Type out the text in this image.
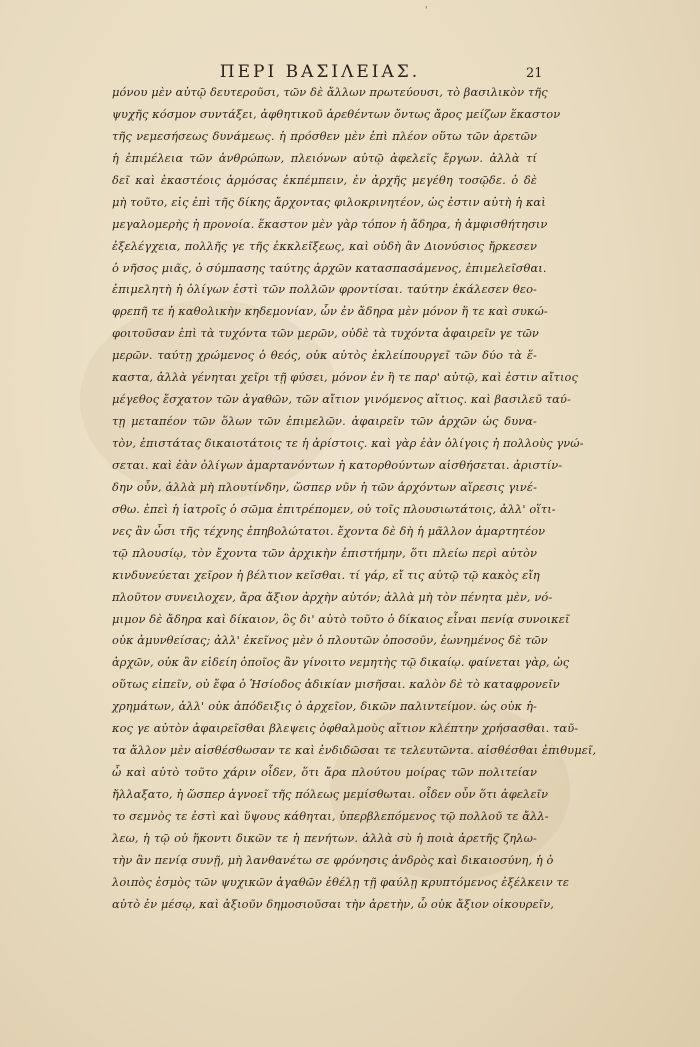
'
ΠΕΡΙ ΒΑΣΙΛΕΙΑΣ.	21
μόνου μὲν αὐτῷ δευτεροῦσι, τῶν δὲ ἄλλων πρωτεύουσι, τὸ βασιλικὸν τῆς
ψυχῆς κόσμον συντάξει, ἀφθητικοῦ ἀρεθέντων ὄντως ἄρος μείζων ἕκαστον
τῆς νεμεσήσεως δυνάμεως. ἡ πρόσθεν μὲν ἐπὶ πλέον οὕτω τῶν ἀρετῶν
ἡ ἐπιμέλεια τῶν ἀνθρώπων, πλειόνων αὐτῷ ἀφελεῖς ἔργων. ἀλλὰ τί
δεῖ καὶ ἑκαστέοις ἁρμόσας ἐκπέμπειν, ἐν ἀρχῆς μεγέθη τοσῷδε. ὁ δὲ
μὴ τοῦτο, εἰς ἐπὶ τῆς δίκης ἄρχοντας φιλοκρινητέον, ὡς ἐστιν αὐτὴ ἡ καὶ
μεγαλομερὴς ἡ προνοία. ἕκαστον μὲν γὰρ τόπον ἡ ἄδηρα, ἡ ἀμφισθήτησιν
ἐξελέγχεια, πολλῆς γε τῆς ἐκκλεῖξεως, καὶ οὐδὴ ἂν Διονύσιος ἤρκεσεν
ὁ νῆσος μιᾶς, ὁ σύμπασης ταύτης ἀρχῶν κατασπασάμενος, ἐπιμελεῖσθαι.
ἐπιμελητὴ ἡ ὀλίγων ἐστὶ τῶν πολλῶν φροντίσαι. ταύτην ἐκάλεσεν θεο-
φρεπῆ τε ἡ καθολικὴν κηδεμονίαν, ὧν ἐν ἄδηρα μὲν μόνον ἥ τε καὶ συκώ-
φοιτοῦσαν ἐπὶ τὰ τυχόντα τῶν μερῶν, οὐδὲ τὰ τυχόντα ἀφαιρεῖν γε τῶν
μερῶν. ταύτῃ χρώμενος ὁ θεός, οὐκ αὐτὸς ἐκλείπουργεῖ τῶν δύο τὰ ἕ-
καστα, ἀλλὰ γένηται χεῖρι τῇ φύσει, μόνον ἐν ἣ τε παρ' αὐτῷ, καὶ ἐστιν αἴτιος
μέγεθος ἔσχατον τῶν ἀγαθῶν, τῶν αἴτιον γινόμενος αἴτιος. καὶ βασιλεῦ ταύ-
τῃ μεταπέον τῶν ὅλων τῶν ἐπιμελῶν. ἀφαιρεῖν τῶν ἀρχῶν ὡς δυνα-
τὸν, ἐπιστάτας δικαιοτάτοις τε ἡ ἀρίστοις. καὶ γὰρ ἐὰν ὀλίγοις ἡ πολλοὺς γνώ-
σεται. καὶ ἐὰν ὀλίγων ἀμαρτανόντων ἡ κατορθούντων αἰσθήσεται. ἀριστίν-
δην οὖν, ἀλλὰ μὴ πλουτίνδην, ὥσπερ νῦν ἡ τῶν ἀρχόντων αἵρεσις γινέ-
σθω. ἐπεὶ ἡ ἰατροῖς ὁ σῶμα ἐπιτρέπομεν, οὐ τοῖς πλουσιωτάτοις, ἀλλ' οἵτι-
νες ἂν ὦσι τῆς τέχνης ἐπηβολώτατοι. ἔχοντα δὲ δὴ ἡ μᾶλλον ἀμαρτητέον
τῷ πλουσίῳ, τὸν ἔχοντα τῶν ἀρχικὴν ἐπιστήμην, ὅτι πλείω περὶ αὐτὸν
κινδυνεύεται χεῖρον ἡ βέλτιον κεῖσθαι. τί γάρ, εἴ τις αὐτῷ τῷ κακὸς εἴη
πλοῦτον συνειλοχεν, ἄρα ἄξιον ἀρχὴν αὐτόν; ἀλλὰ μὴ τὸν πένητα μὲν, νό-
μιμον δὲ ἄδηρα καὶ δίκαιον, ὃς δι' αὐτὸ τοῦτο ὁ δίκαιος εἶναι πενίᾳ συνοικεῖ
οὐκ ἀμυνθείσας; ἀλλ' ἐκεῖνος μὲν ὁ πλουτῶν ὁποσοῦν, ἐωνημένος δὲ τῶν
ἀρχῶν, οὐκ ἂν εἰδείη ὁποῖος ἂν γίνοιτο νεμητὴς τῷ δικαίῳ. φαίνεται γὰρ, ὡς
οὕτως εἰπεῖν, οὐ ἔφα ὁ Ἡσίοδος ἀδικίαν μισῆσαι. καλὸν δὲ τὸ καταφρονεῖν
χρημάτων, ἀλλ' οὐκ ἀπόδειξις ὁ ἀρχεῖον, δικῶν παλιντείμον. ὡς οὐκ ἡ-
κος γε αὐτὸν ἀφαιρεῖσθαι βλεψεις ὀφθαλμοὺς αἴτιον κλέπτην χρήσασθαι. ταῦ-
τα ἄλλον μὲν αἰσθέσθωσαν τε καὶ ἐνδιδῶσαι τε τελευτῶντα. αἰσθέσθαι ἐπιθυμεῖ,
ὧ καὶ αὐτὸ τοῦτο χάριν οἶδεν, ὅτι ἄρα πλούτου μοίρας τῶν πολιτείαν
ἤλλαξατο, ἡ ὥσπερ ἀγνοεῖ τῆς πόλεως μεμίσθωται. οἶδεν οὖν ὅτι ἀφελεῖν
το σεμνὸς τε ἐστὶ καὶ ὕψους κάθηται, ὑπερβλεπόμενος τῷ πολλοῦ τε ἄλλ-
λεω, ἡ τῷ οὐ ἥκοντι δικῶν τε ἡ πενήτων. ἀλλὰ σὺ ἡ ποιὰ ἀρετῆς ζηλω-
τὴν ἂν πενίᾳ συνῇ, μὴ λανθανέτω σε φρόνησις ἀνδρὸς καὶ δικαιοσύνη, ἡ ὁ
λοιπὸς ἑσμὸς τῶν ψυχικῶν ἀγαθῶν ἐθέλῃ τῇ φαύλῃ κρυπτόμενος ἐξέλκειν τε
αὐτὸ ἐν μέσῳ, καὶ ἀξιοῦν δημοσιοῦσαι τὴν ἀρετὴν, ὧ οὐκ ἄξιον οἰκουρεῖν,
